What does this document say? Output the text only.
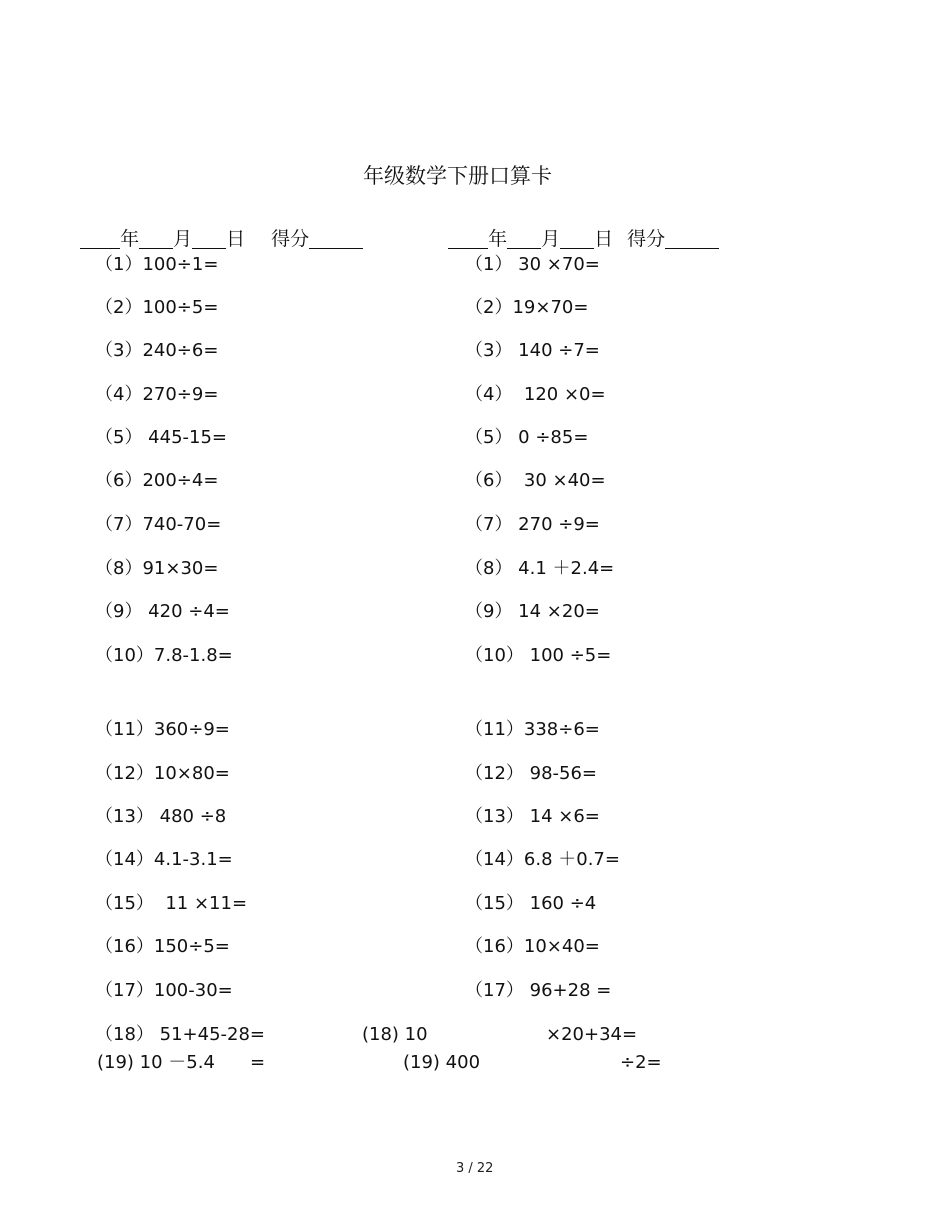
年级数学下册口算卡

年 月 日 得分	年 月 日 得分

（1）100÷1=
（2）100÷5=
（3）240÷6=
（4）270÷9=
（5） 445-15=
（6）200÷4=
（7）740-70=
（8）91×30=
（9） 420 ÷4=
（10）7.8-1.8=
（11）360÷9=
（12）10×80=
（13） 480 ÷8
（14）4.1-3.1=
（15）  11 ×11=
（16）150÷5=
（17）100-30=
（1） 30 ×70=
（2）19×70=
（3） 140 ÷7=
（4）  120 ×0=
（5） 0 ÷85=
（6）  30 ×40=
（7） 270 ÷9=
（8） 4.1 ＋2.4=
（9） 14 ×20=
（10） 100 ÷5=
（11）338÷6=
（12） 98-56=
（13） 14 ×6=
（14）6.8 ＋0.7=
（15） 160 ÷4
（16）10×40=
（17） 96+28 =
（18） 51+45-28=	(18) 10	×20+34=
(19) 10 －5.4 =	(19) 400	÷2=
3 / 22
